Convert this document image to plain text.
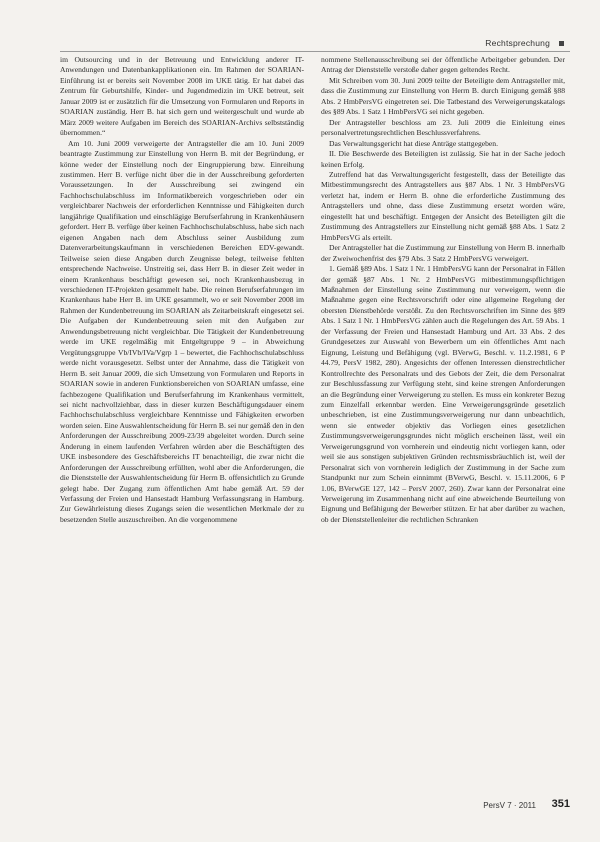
Rechtsprechung

im Outsourcing und in der Betreuung und Entwicklung anderer IT-Anwendungen und Datenbankapplikationen ein. Im Rahmen der SOARIAN-Einführung ist er bereits seit November 2008 im UKE tätig. Er hat dabei das Zentrum für Geburtshilfe, Kinder- und Jugendmedizin im UKE betreut, seit Januar 2009 ist er zusätzlich für die Umsetzung von Formularen und Reports in SOARIAN zuständig. Herr B. hat sich gern und weitergeschult und wurde ab März 2009 weitere Aufgaben im Bereich des SOARIAN-Archivs selbstständig übernommen.“

Am 10. Juni 2009 verweigerte der Antragsteller die am 10. Juni 2009 beantragte Zustimmung zur Einstellung von Herrn B. mit der Begründung, er könne weder der Einstellung noch der Eingruppierung bzw. Einreihung zustimmen. Herr B. verfüge nicht über die in der Ausschreibung geforderten Voraussetzungen. In der Ausschreibung sei zwingend ein Fachhochschulabschluss im Informatikbereich vorgeschrieben oder ein vergleichbarer Nachweis der erforderlichen Kenntnisse und Fähigkeiten durch langjährige Qualifikation und einschlägige Berufserfahrung in Krankenhäusern gefordert. Herr B. verfüge über keinen Fachhochschulabschluss, habe sich nach eigenen Angaben nach dem Abschluss seiner Ausbildung zum Datenverarbeitungskaufmann in verschiedenen Bereichen EDV-gewandt. Teilweise seien diese Angaben durch Zeugnisse belegt, teilweise fehlten entsprechende Nachweise. Unstreitig sei, dass Herr B. in dieser Zeit weder in einem Krankenhaus beschäftigt gewesen sei, noch Krankenhausbezug in verschiedenen IT-Projekten gesammelt habe. Die reinen Berufserfahrungen im Krankenhaus habe Herr B. im UKE gesammelt, wo er seit November 2008 im Rahmen der Kundenbetreuung im SOARIAN als Zeitarbeitskraft eingesetzt sei. Die Aufgaben der Kundenbetreuung seien mit den Aufgaben zur Anwendungsbetreuung nicht vergleichbar. Die Tätigkeit der Kundenbetreuung werde im UKE regelmäßig mit Entgeltgruppe 9 – in Abweichung Vergütungsgruppe Vb/IVb/IVa/Vgrp 1 – bewertet, die Fachhochschulabschluss werde nicht vorausgesetzt. Selbst unter der Annahme, dass die Tätigkeit von Herrn B. seit Januar 2009, die sich Umsetzung von Formularen und Reports in SOARIAN sowie in anderen Funktionsbereichen von SOARIAN umfasse, eine fachbezogene Qualifikation und Berufserfahrung im Krankenhaus vermittelt, sei nicht nachvollziehbar, dass in dieser kurzen Beschäftigungsdauer einem Fachhochschulabschluss vergleichbare Kenntnisse und Fähigkeiten erworben worden seien. Eine Auswahlentscheidung für Herrn B. sei nur gemäß den in den Anforderungen der Ausschreibung 2009-23/39 abgeleitet worden. Durch seine Änderung in einem laufenden Verfahren würden aber die Beschäftigten des UKE insbesondere des Geschäftsbereichs IT benachteiligt, die zwar nicht die Anforderungen der Ausschreibung erfüllten, wohl aber die Anforderungen, die die Dienststelle der Auswahlentscheidung für Herrn B. offensichtlich zu Grunde gelegt habe. Der Zugang zum öffentlichen Amt habe gemäß Art. 59 der Verfassung der Freien und Hansestadt Hamburg Verfassungsrang in Hamburg. Zur Gewährleistung dieses Zugangs seien die wesentlichen Merkmale der zu besetzenden Stelle auszuschreiben. An die vorgenommene

nommene Stellenausschreibung sei der öffentliche Arbeitgeber gebunden. Der Antrag der Dienststelle verstoße daher gegen geltendes Recht.

Mit Schreiben vom 30. Juni 2009 teilte der Beteiligte dem Antragsteller mit, dass die Zustimmung zur Einstellung von Herrn B. durch Einigung gemäß §88 Abs. 2 HmbPersVG eingetreten sei. Die Tatbestand des Verweigerungskatalogs des §89 Abs. 1 Satz 1 HmbPersVG sei nicht gegeben.

Der Antragsteller beschloss am 23. Juli 2009 die Einleitung eines personalvertretungsrechtlichen Beschlussverfahrens.

Das Verwaltungsgericht hat diese Anträge stattgegeben.

II. Die Beschwerde des Beteiligten ist zulässig. Sie hat in der Sache jedoch keinen Erfolg.

Zutreffend hat das Verwaltungsgericht festgestellt, dass der Beteiligte das Mitbestimmungsrecht des Antragstellers aus §87 Abs. 1 Nr. 3 HmbPersVG verletzt hat, indem er Herrn B. ohne die erforderliche Zustimmung des Antragstellers und ohne, dass diese Zustimmung ersetzt worden wäre, eingestellt hat und beschäftigt. Entgegen der Ansicht des Beteiligten gilt die Zustimmung des Antragstellers zur Einstellung nicht gemäß §88 Abs. 1 Satz 2 HmbPersVG als erteilt.

Der Antragsteller hat die Zustimmung zur Einstellung von Herrn B. innerhalb der Zweiwochenfrist des §79 Abs. 3 Satz 2 HmbPersVG verweigert.

1. Gemäß §89 Abs. 1 Satz 1 Nr. 1 HmbPersVG kann der Personalrat in Fällen der gemäß §87 Abs. 1 Nr. 2 HmbPersVG mitbestimmungspflichtigen Maßnahmen der Einstellung seine Zustimmung nur verweigern, wenn die Maßnahme gegen eine Rechtsvorschrift oder eine allgemeine Regelung der obersten Dienstbehörde verstößt. Zu den Rechtsvorschriften im Sinne des §89 Abs. 1 Satz 1 Nr. 1 HmbPersVG zählen auch die Regelungen des Art. 59 Abs. 1 der Verfassung der Freien und Hansestadt Hamburg und Art. 33 Abs. 2 des Grundgesetzes zur Auswahl von Bewerbern um ein öffentliches Amt nach Eignung, Leistung und Befähigung (vgl. BVerwG, Beschl. v. 11.2.1981, 6 P 44.79, PersV 1982, 280). Angesichts der offenen Interessen dienstrechtlicher Kontrollrechte des Personalrats und des Gebots der Zeit, die dem Personalrat zur Beschlussfassung zur Verfügung steht, sind keine strengen Anforderungen an die Begründung einer Verweigerung zu stellen. Es muss ein konkreter Bezug zum Einzelfall erkennbar werden. Eine Verweigerungsgründe gesetzlich unbeschrieben, ist eine Zustimmungsverweigerung nur dann unbeachtlich, wenn sie entweder objektiv das Vorliegen eines gesetzlichen Zustimmungsverweigerungsgrundes nicht möglich erscheinen lässt, weil ein Verweigerungsgrund von vornherein und eindeutig nicht vorliegen kann, oder weil sie aus sonstigen subjektiven Gründen rechtsmissbräuchlich ist, weil der Personalrat sich von vornherein lediglich der Zustimmung in der Sache zum Standpunkt nur zum Schein einnimmt (BVerwG, Beschl. v. 15.11.2006, 6 P 1.06, BVerwGE 127, 142 – PersV 2007, 260). Zwar kann der Personalrat eine Verweigerung im Zusammenhang nicht auf eine abweichende Beurteilung von Eignung und Befähigung der Bewerber stützen. Er hat aber darüber zu wachen, ob der Dienststellenleiter die rechtlichen Schranken

PersV 7 · 2011 351
